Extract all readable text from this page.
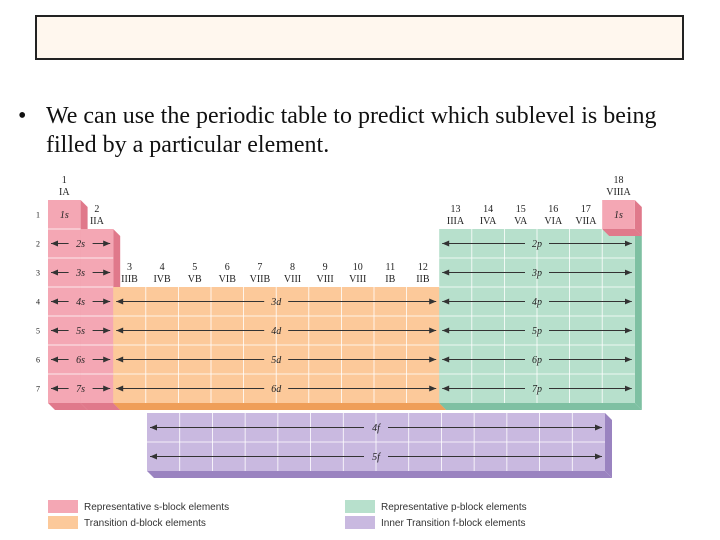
• We can use the periodic table to predict which sublevel is being filled by a particular element.
1
IA
2
IIA
3
IIIB
4
IVB
5
VB
6
VIB
7
VIIB
8
VIII
9
VIII
10
VIII
11
IB
12
IIB
13
IIIA
14
IVA
15
VA
16
VIA
17
VIIA
18
VIIIA
1
2
3
4
5
6
7
1s
2s
3s
4s
5s
6s
7s
1s
3d
4d
5d
6d
2p
3p
4p
5p
6p
7p
4f
5f
Representative s-block elements
Transition d-block elements
Representative p-block elements
Inner Transition f-block elements
